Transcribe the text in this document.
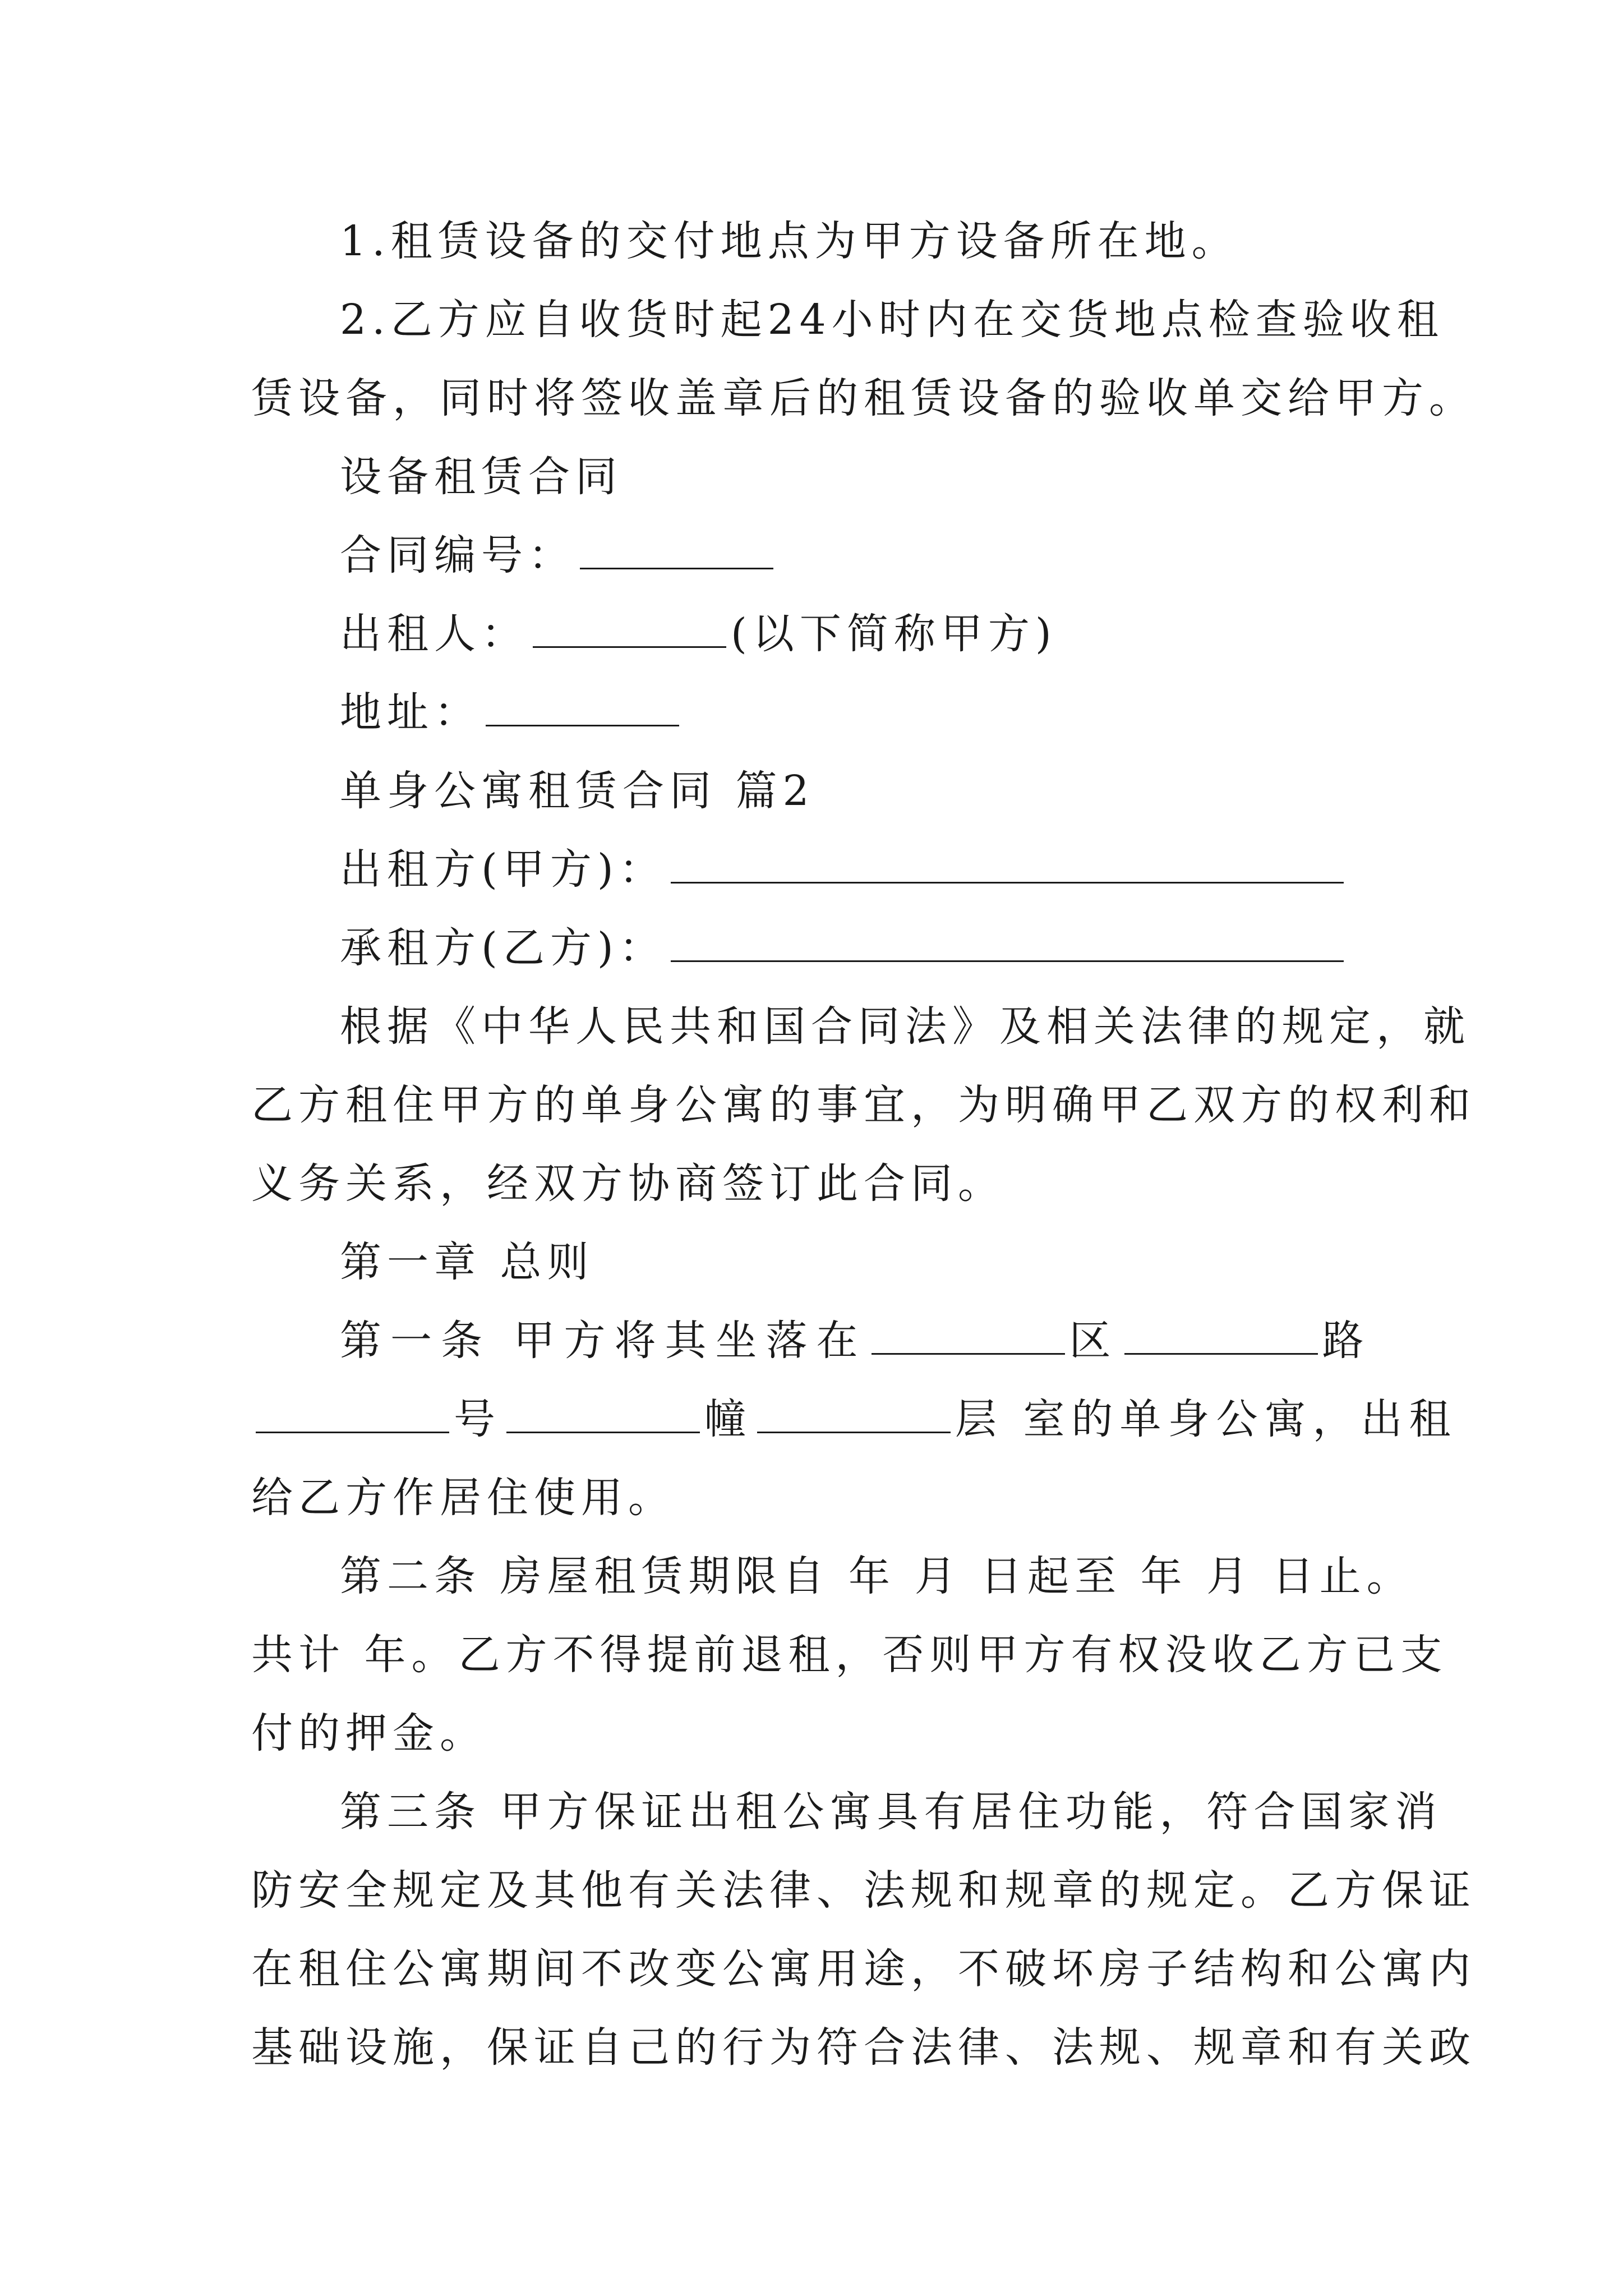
1.租赁设备的交付地点为甲方设备所在地。
2.乙方应自收货时起24小时内在交货地点检查验收租
赁设备，同时将签收盖章后的租赁设备的验收单交给甲方。
设备租赁合同
合同编号：
出租人：	(以下简称甲方)
地址：
单身公寓租赁合同 篇2
出租方(甲方)：
承租方(乙方)：
根据《中华人民共和国合同法》及相关法律的规定，就
乙方租住甲方的单身公寓的事宜，为明确甲乙双方的权利和
义务关系，经双方协商签订此合同。
第一章 总则
第一条 甲方将其坐落在	区	路
号	幢	层 室的单身公寓，出租
给乙方作居住使用。
第二条 房屋租赁期限自 年 月 日起至 年 月 日止。
共计 年。乙方不得提前退租，否则甲方有权没收乙方已支
付的押金。
第三条 甲方保证出租公寓具有居住功能，符合国家消
防安全规定及其他有关法律、法规和规章的规定。乙方保证
在租住公寓期间不改变公寓用途，不破坏房子结构和公寓内
基础设施，保证自己的行为符合法律、法规、规章和有关政
